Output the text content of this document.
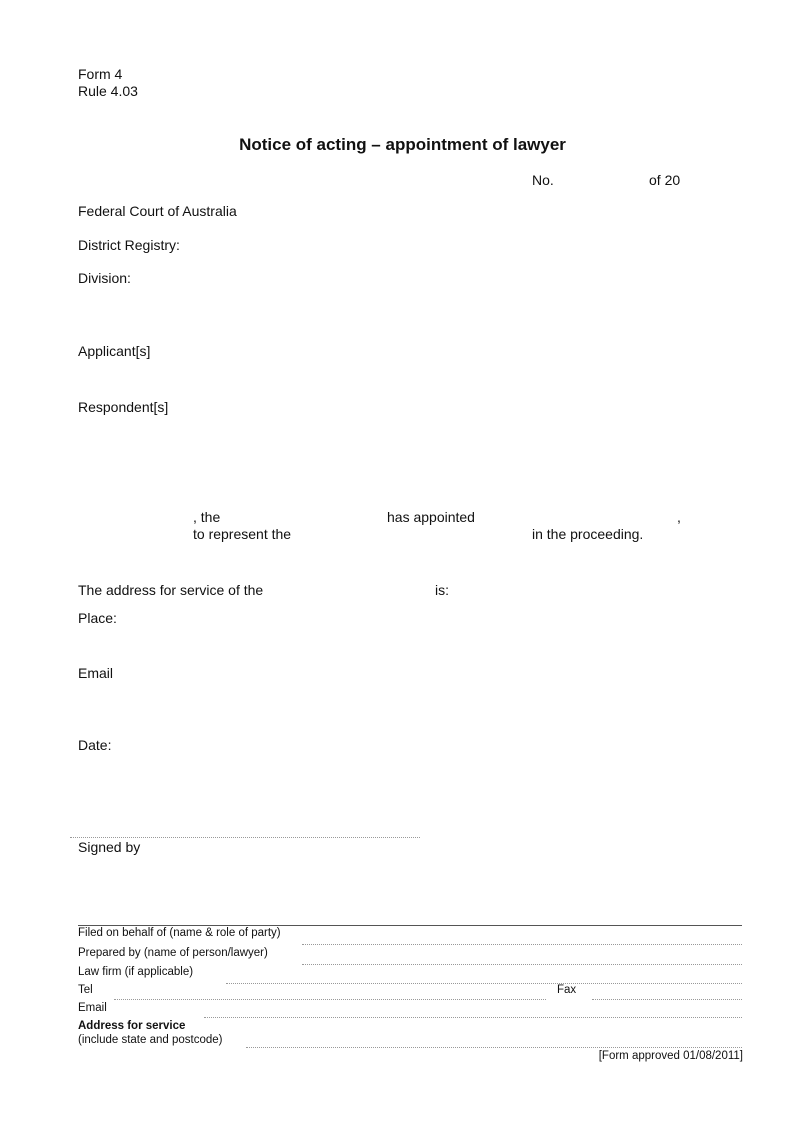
Form 4
Rule 4.03
Notice of acting – appointment of lawyer
No.	of 20
Federal Court of Australia
District Registry:
Division:
Applicant[s]
Respondent[s]
, the	has appointed	,
to represent the	in the proceeding.
The address for service of the	is:
Place:
Email
Date:
Signed by
Filed on behalf of (name & role of party)
Prepared by (name of person/lawyer)
Law firm (if applicable)
Tel	Fax
Email
Address for service
(include state and postcode)
[Form approved 01/08/2011]
